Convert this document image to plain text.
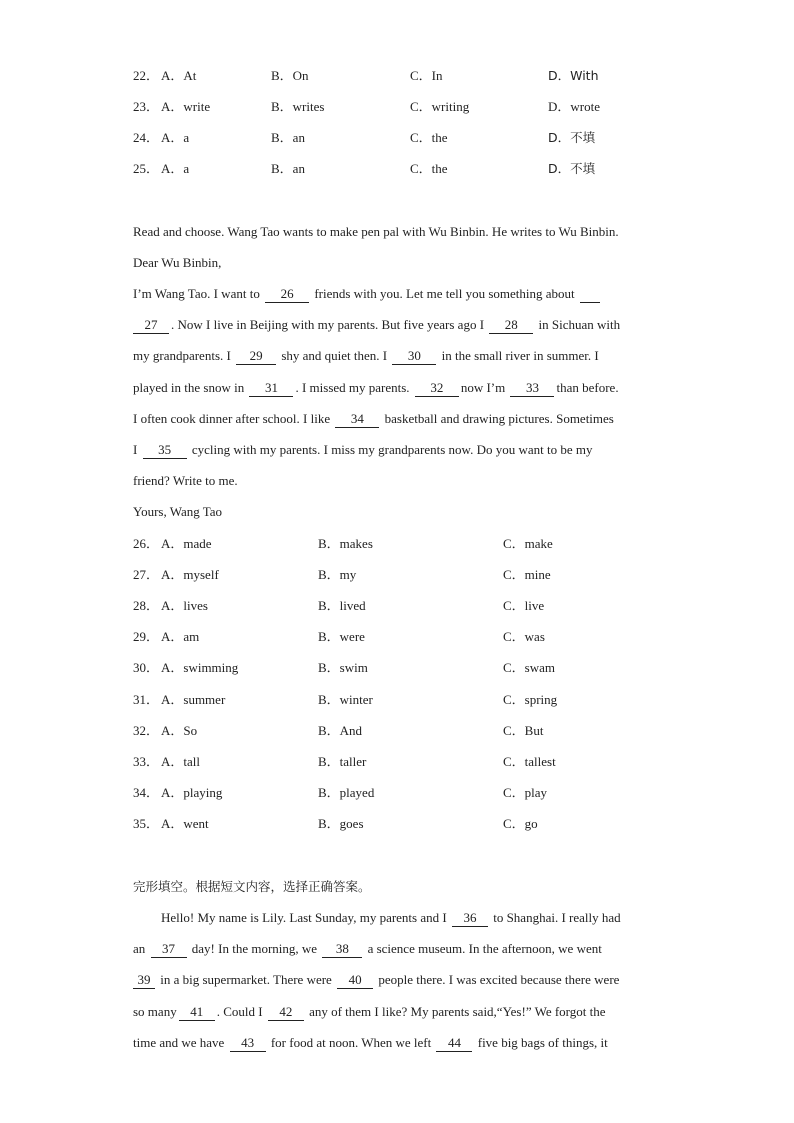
22． A．At	B．On	C．In	D．With
23． A．write	B．writes	C．writing	D．wrote
24． A．a	B．an	C．the	D．不填
25． A．a	B．an	C．the	D．不填
Read and choose. Wang Tao wants to make pen pal with Wu Binbin. He writes to Wu Binbin.
Dear Wu Binbin,
I’m Wang Tao. I want to 26 friends with you. Let me tell you something about
27 . Now I live in Beijing with my parents. But five years ago I 28 in Sichuan with
my grandparents. I 29 shy and quiet then. I 30 in the small river in summer. I
played in the snow in 31 . I missed my parents. 32 now I’m 33 than before.
I often cook dinner after school. I like 34 basketball and drawing pictures. Sometimes
I 35 cycling with my parents. I miss my grandparents now. Do you want to be my
friend? Write to me.
Yours, Wang Tao
26． A．made	B．makes	C．make
27． A．myself	B．my	C．mine
28． A．lives	B．lived	C．live
29． A．am	B．were	C．was
30． A．swimming	B．swim	C．swam
31． A．summer	B．winter	C．spring
32． A．So	B．And	C．But
33． A．tall	B．taller	C．tallest
34． A．playing	B．played	C．play
35． A．went	B．goes	C．go
完形填空。根据短文内容，选择正确答案。
Hello! My name is Lily. Last Sunday, my parents and I 36 to Shanghai. I really had
an 37 day! In the morning, we 38 a science museum. In the afternoon, we went
39 in a big supermarket. There were 40 people there. I was excited because there were
so many 41 . Could I 42 any of them I like? My parents said,“Yes!” We forgot the
time and we have 43 for food at noon. When we left 44 five big bags of things, it
